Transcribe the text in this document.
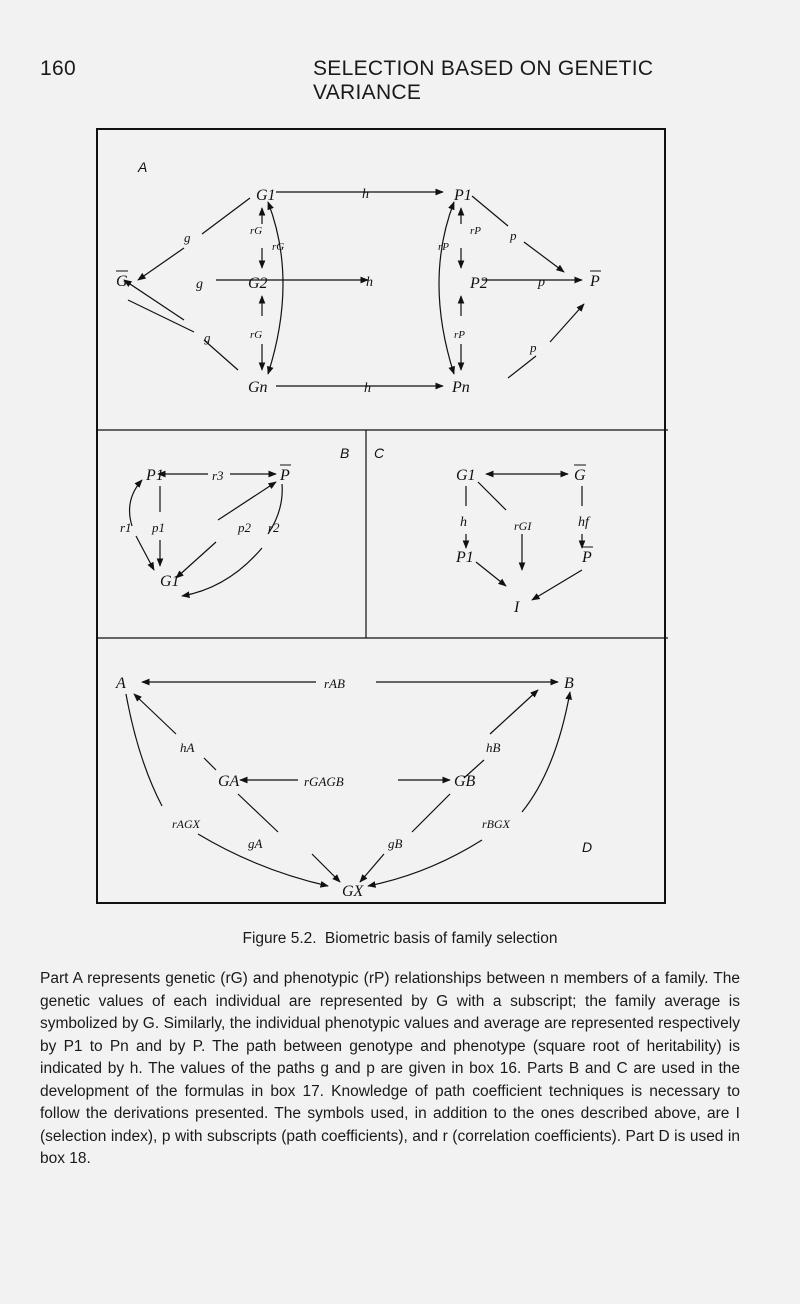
160	SELECTION BASED ON GENETIC VARIANCE
A
G
g
g
g
G1
G2
Gn
rG
rG
rG
h
h
h
P1
P2
Pn
rP
rP
rP
p
p
p
P
B
P1	r3	P
r1 p1	p2 r2
G1
C
G1	G
h	rGI	hf
P1	P
I
A	rAB	B
hA	hB
GA	rGAGB	GB
rAGX
gA	gB
rBGX
GX
D
Figure 5.2. Biometric basis of family selection
Part A represents genetic (rG) and phenotypic (rP) relationships between n members of a family. The genetic values of each individual are represented by G with a subscript; the family average is symbolized by G. Similarly, the individual phenotypic values and average are represented respectively by P1 to Pn and by P. The path between genotype and phenotype (square root of heritability) is indicated by h. The values of the paths g and p are given in box 16. Parts B and C are used in the development of the formulas in box 17. Knowledge of path coefficient techniques is necessary to follow the derivations presented. The symbols used, in addition to the ones described above, are I (selection index), p with subscripts (path coefficients), and r (correlation coefficients). Part D is used in box 18.
